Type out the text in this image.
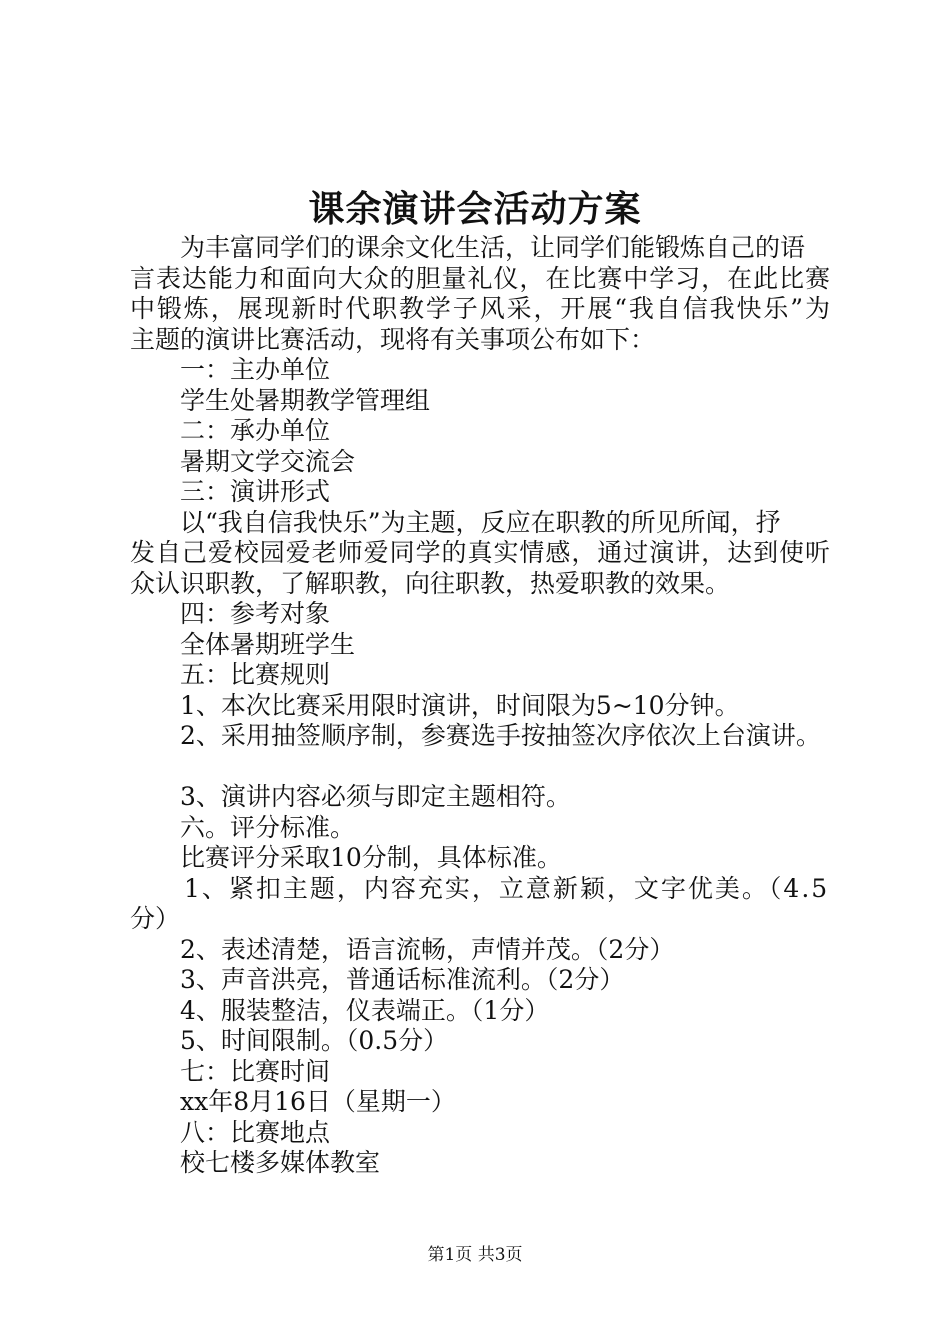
课余演讲会活动方案
为丰富同学们的课余文化生活，让同学们能锻炼自己的语
言表达能力和面向大众的胆量礼仪，在比赛中学习，在此比赛
中锻炼，展现新时代职教学子风采，开展“我自信我快乐”为
主题的演讲比赛活动，现将有关事项公布如下：
一：主办单位
学生处暑期教学管理组
二：承办单位
暑期文学交流会
三：演讲形式
以“我自信我快乐”为主题，反应在职教的所见所闻，抒
发自己爱校园爱老师爱同学的真实情感，通过演讲，达到使听
众认识职教，了解职教，向往职教，热爱职教的效果。
四：参考对象
全体暑期班学生
五：比赛规则
1、本次比赛采用限时演讲，时间限为5~10分钟。
2、采用抽签顺序制，参赛选手按抽签次序依次上台演讲。
3、演讲内容必须与即定主题相符。
六。评分标准。
比赛评分采取10分制，具体标准。
1、紧扣主题，内容充实，立意新颖，文字优美。（4.5
分）
2、表述清楚，语言流畅，声情并茂。（2分）
3、声音洪亮，普通话标准流利。（2分）
4、服装整洁，仪表端正。（1分）
5、时间限制。（0.5分）
七：比赛时间
xx年8月16日（星期一）
八：比赛地点
校七楼多媒体教室
第1页 共3页
